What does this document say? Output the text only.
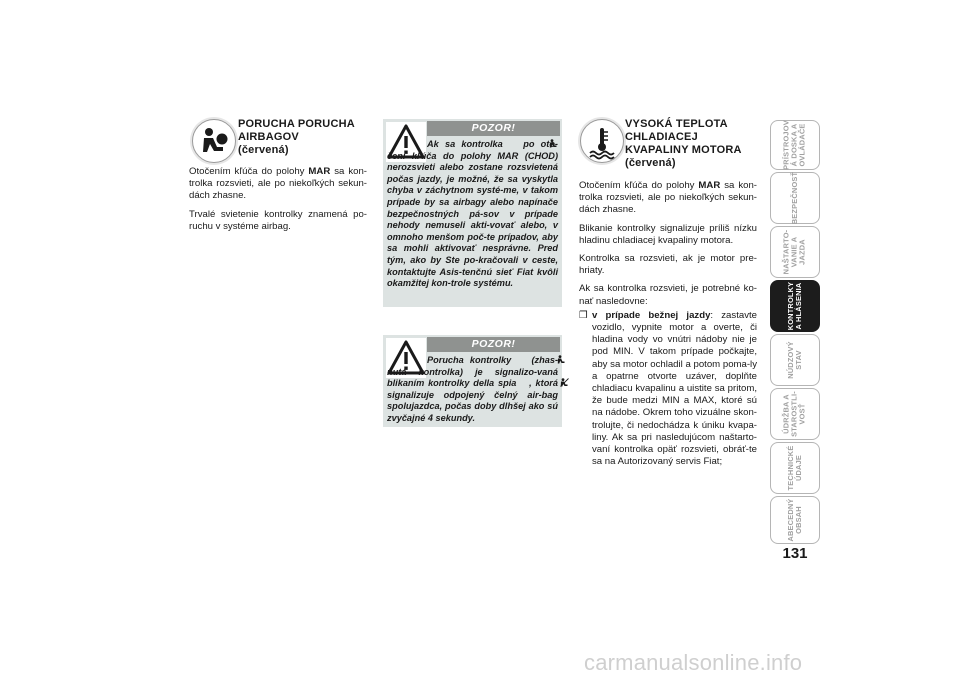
PORUCHA PORUCHA
AIRBAGOV
(červená)

Otočením kľúča do polohy MAR sa kon-trolka rozsvieti, ale po niekoľkých sekun-dách zhasne.

Trvalé svietenie kontrolky znamená po-ruchu v systéme airbag.

POZOR!

Ak sa kontrolka  po oto-čení kľúča do polohy MAR (CHOD) nerozsvieti alebo zostane rozsvietená počas jazdy, je možné, že sa vyskytla chyba v záchytnom systé-me, v takom prípade by sa airbagy alebo napínače bezpečnostných pá-sov v prípade nehody nemuseli akti-vovať alebo, v omnoho menšom poč-te prípadov, aby sa mohli aktivovať nesprávne. Pred tým, ako by Ste po-kračovali v ceste, kontaktujte Asis-tenčnú sieť Fiat kvôli okamžitej kon-trole systému.

POZOR!

Porucha kontrolky  (zhas-nutá kontrolka) je signalizo-vaná blikaním kontrolky della spia , ktorá signalizuje odpojený čelný air-bag spolujazdca, počas doby dlhšej ako sú zvyčajné 4 sekundy.

VYSOKÁ TEPLOTA
CHLADIACEJ
KVAPALINY MOTORA
(červená)

Otočením kľúča do polohy MAR sa kon-trolka rozsvieti, ale po niekoľkých sekun-dách zhasne.

Blikanie kontrolky signalizuje príliš nízku hladinu chladiacej kvapaliny motora.

Kontrolka sa rozsvieti, ak je motor pre-hriaty.

Ak sa kontrolka rozsvieti, je potrebné ko-nať nasledovne:

❒ v prípade bežnej jazdy: zastavte vozidlo, vypnite motor a overte, či hladina vody vo vnútri nádoby nie je pod MIN. V takom prípade počkajte, aby sa motor ochladil a potom poma-ly a opatrne otvorte uzáver, doplňte chladiacu kvapalinu a uistite sa pritom, že bude medzi MIN a MAX, ktoré sú na nádobe. Okrem toho vizuálne skon-trolujte, či nedochádza k úniku kvapa-liny. Ak sa pri nasledujúcom naštarto-vaní kontrolka opäť rozsvieti, obráť-te sa na Autorizovaný servis Fiat;
PRÍSTROJOV
Á DOSKA A
OVLÁDAČE
BEZPEČNOSŤ
NAŠTARTO-
VANIE A
JAZDA
KONTROLKY
A HLÁSENIA
NÚDZOVÝ
STAV
ÚDRŽBA A
STAROSTLI-
VOSŤ
TECHNICKÉ
ÚDAJE
ABECEDNÝ
OBSAH
131
carmanualsonline.info
